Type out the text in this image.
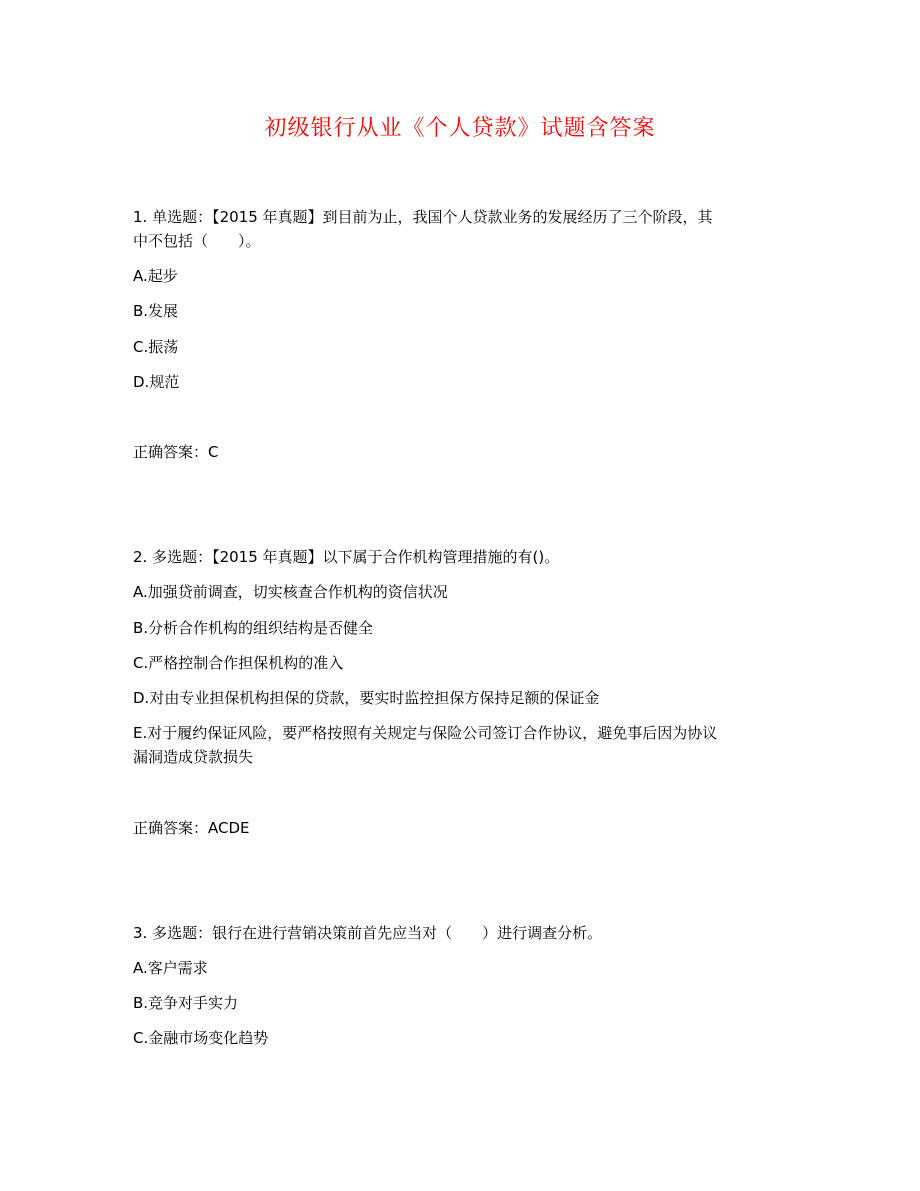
初级银行从业《个人贷款》试题含答案
1. 单选题：【2015 年真题】到目前为止，我国个人贷款业务的发展经历了三个阶段，其
中不包括（　　）。
A.起步
B.发展
C.振荡
D.规范
正确答案：C
2. 多选题：【2015 年真题】以下属于合作机构管理措施的有()。
A.加强贷前调查，切实核查合作机构的资信状况
B.分析合作机构的组织结构是否健全
C.严格控制合作担保机构的准入
D.对由专业担保机构担保的贷款，要实时监控担保方保持足额的保证金
E.对于履约保证风险，要严格按照有关规定与保险公司签订合作协议，避免事后因为协议
漏洞造成贷款损失
正确答案：ACDE
3. 多选题：银行在进行营销决策前首先应当对（　　）进行调查分析。
A.客户需求
B.竞争对手实力
C.金融市场变化趋势
